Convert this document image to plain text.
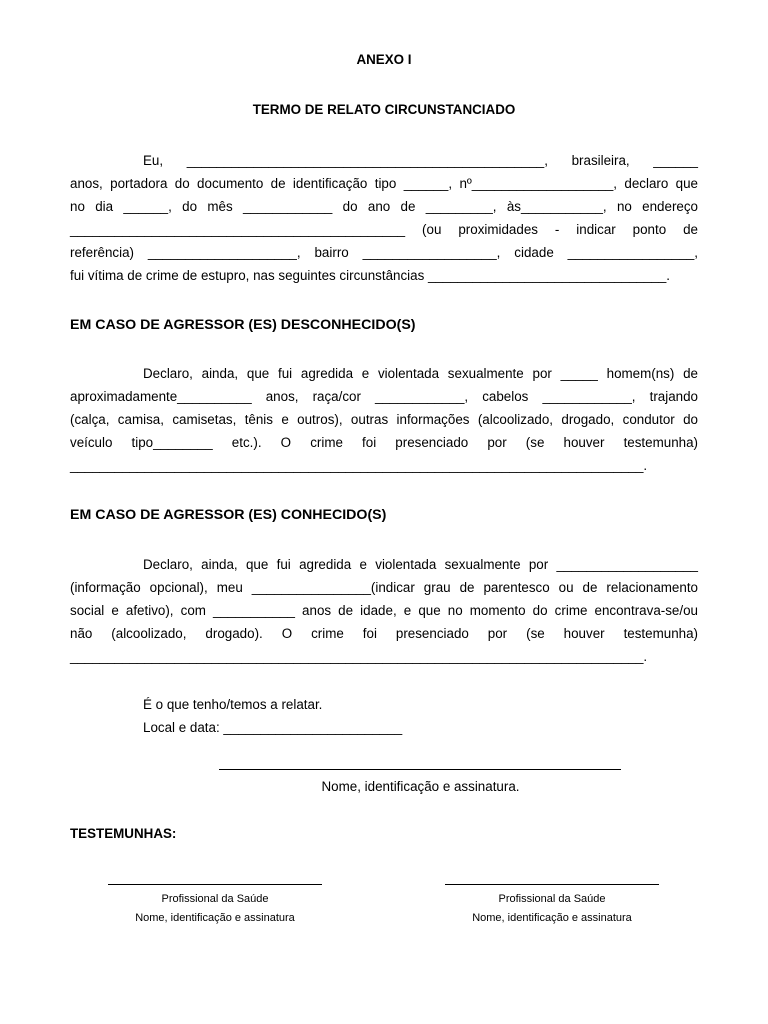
ANEXO I

TERMO DE RELATO CIRCUNSTANCIADO

Eu, ________________________________________________, brasileira, ______

anos, portadora do documento de identificação tipo ______, nº___________________, declaro que

no dia ______, do mês ____________ do ano de _________, às___________, no endereço

_____________________________________________ (ou proximidades - indicar ponto de

referência) ____________________, bairro __________________, cidade _________________,

fui vítima de crime de estupro, nas seguintes circunstâncias ________________________________.

EM CASO DE AGRESSOR (ES) DESCONHECIDO(S)

Declaro, ainda, que fui agredida e violentada sexualmente por _____ homem(ns) de

aproximadamente__________ anos, raça/cor ____________, cabelos ____________, trajando

(calça, camisa, camisetas, tênis e outros), outras informações (alcoolizado, drogado, condutor do

veículo tipo________ etc.). O crime foi presenciado por (se houver testemunha)

_____________________________________________________________________________.

EM CASO DE AGRESSOR (ES) CONHECIDO(S)

Declaro, ainda, que fui agredida e violentada sexualmente por ___________________

(informação opcional), meu ________________(indicar grau de parentesco ou de relacionamento

social e afetivo), com ___________ anos de idade, e que no momento do crime encontrava-se/ou

não (alcoolizado, drogado). O crime foi presenciado por (se houver testemunha)

_____________________________________________________________________________.

É o que tenho/temos a relatar.

Local e data: ________________________

Nome, identificação e assinatura.

TESTEMUNHAS:

Profissional da Saúde

Nome, identificação e assinatura

Profissional da Saúde

Nome, identificação e assinatura
